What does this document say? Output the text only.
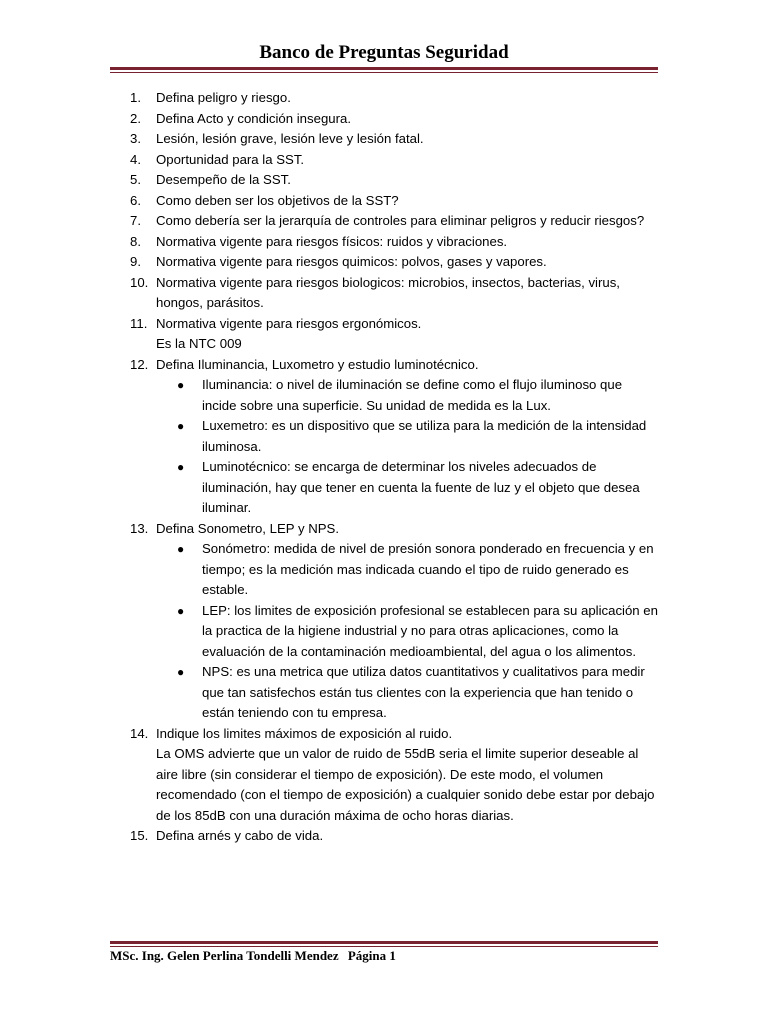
Banco de Preguntas Seguridad
1.	Defina peligro y riesgo.
2.	Defina Acto y condición insegura.
3.	Lesión, lesión grave, lesión leve y lesión fatal.
4.	Oportunidad para la SST.
5.	Desempeño de la SST.
6.	Como deben ser los objetivos de la SST?
7.	Como debería ser la jerarquía de controles para eliminar peligros y reducir riesgos?
8.	Normativa vigente para riesgos físicos: ruidos y vibraciones.
9.	Normativa vigente para riesgos quimicos: polvos, gases y vapores.
10. Normativa vigente para riesgos biologicos: microbios, insectos, bacterias, virus, hongos, parásitos.
11. Normativa vigente para riesgos ergonómicos.
Es la NTC 009
12. Defina Iluminancia, Luxometro y estudio luminotécnico.
● Iluminancia: o nivel de iluminación se define como el flujo iluminoso que incide sobre una superficie. Su unidad de medida es la Lux.
● Luxemetro: es un dispositivo que se utiliza para la medición de la intensidad iluminosa.
● Luminotécnico: se encarga de determinar los niveles adecuados de iluminación, hay que tener en cuenta la fuente de luz y el objeto que desea iluminar.
13. Defina Sonometro, LEP y NPS.
● Sonómetro: medida de nivel de presión sonora ponderado en frecuencia y en tiempo; es la medición mas indicada cuando el tipo de ruido generado es estable.
● LEP: los limites de exposición profesional se establecen para su aplicación en la practica de la higiene industrial y no para otras aplicaciones, como la evaluación de la contaminación medioambiental, del agua o los alimentos.
● NPS: es una metrica que utiliza datos cuantitativos y cualitativos para medir que tan satisfechos están tus clientes con la experiencia que han tenido o están teniendo con tu empresa.
14. Indique los limites máximos de exposición al ruido.
La OMS advierte que un valor de ruido de 55dB seria el limite superior deseable al aire libre (sin considerar el tiempo de exposición). De este modo, el volumen recomendado (con el tiempo de exposición) a cualquier sonido debe estar por debajo de los 85dB con una duración máxima de ocho horas diarias.
15. Defina arnés y cabo de vida.
MSc. Ing. Gelen Perlina Tondelli Mendez Página 1
